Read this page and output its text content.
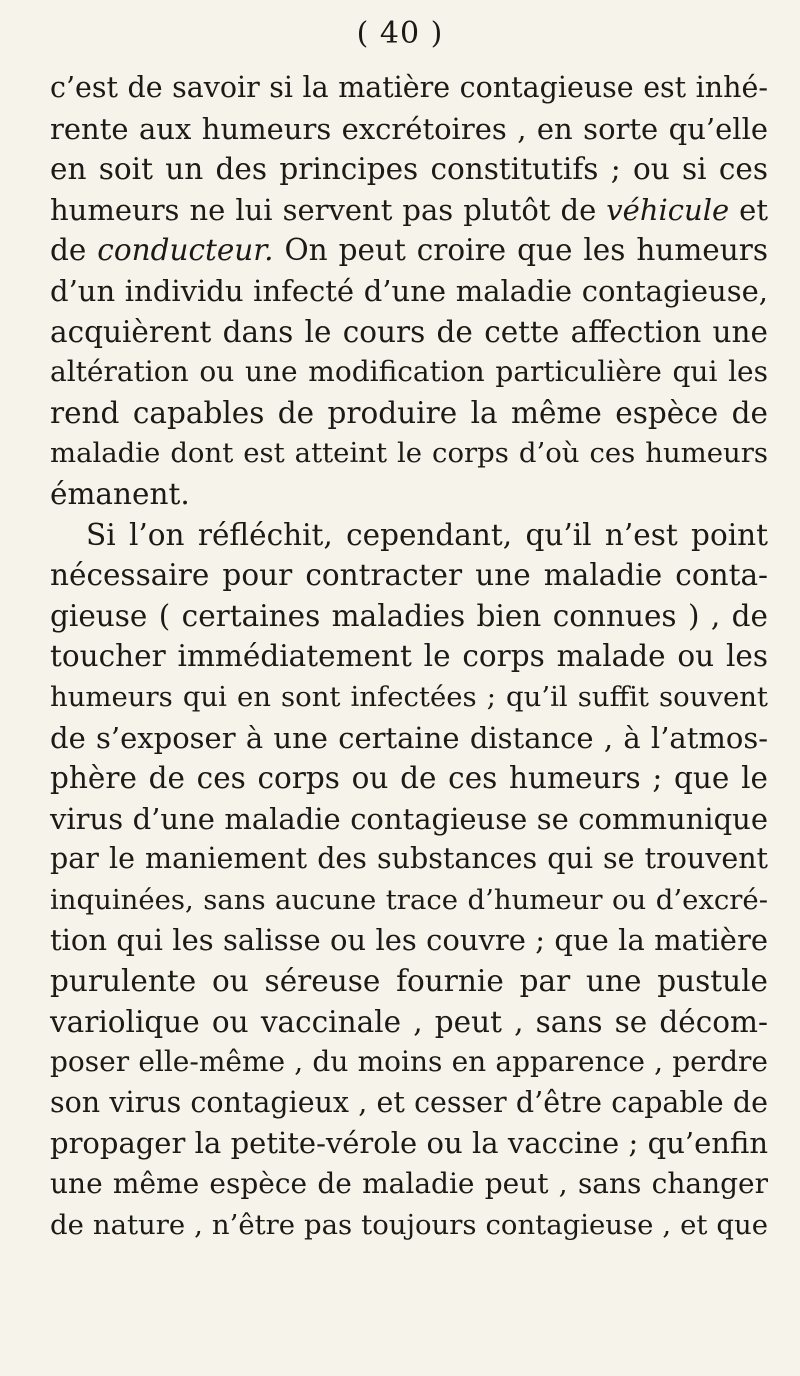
( 40 )
c’est de savoir si la matière contagieuse est inhé-
rente aux humeurs excrétoires , en sorte qu’elle
en soit un des principes constitutifs ; ou si ces
humeurs ne lui servent pas plutôt de véhicule et
de conducteur. On peut croire que les humeurs
d’un individu infecté d’une maladie contagieuse,
acquièrent dans le cours de cette affection une
altération ou une modification particulière qui les
rend capables de produire la même espèce de
maladie dont est atteint le corps d’où ces humeurs
émanent.
Si l’on réfléchit, cependant, qu’il n’est point
nécessaire pour contracter une maladie conta-
gieuse ( certaines maladies bien connues ) , de
toucher immédiatement le corps malade ou les
humeurs qui en sont infectées ; qu’il suffit souvent
de s’exposer à une certaine distance , à l’atmos-
phère de ces corps ou de ces humeurs ; que le
virus d’une maladie contagieuse se communique
par le maniement des substances qui se trouvent
inquinées, sans aucune trace d’humeur ou d’excré-
tion qui les salisse ou les couvre ; que la matière
purulente ou séreuse fournie par une pustule
variolique ou vaccinale , peut , sans se décom-
poser elle-même , du moins en apparence , perdre
son virus contagieux , et cesser d’être capable de
propager la petite-vérole ou la vaccine ; qu’enfin
une même espèce de maladie peut , sans changer
de nature , n’être pas toujours contagieuse , et que
